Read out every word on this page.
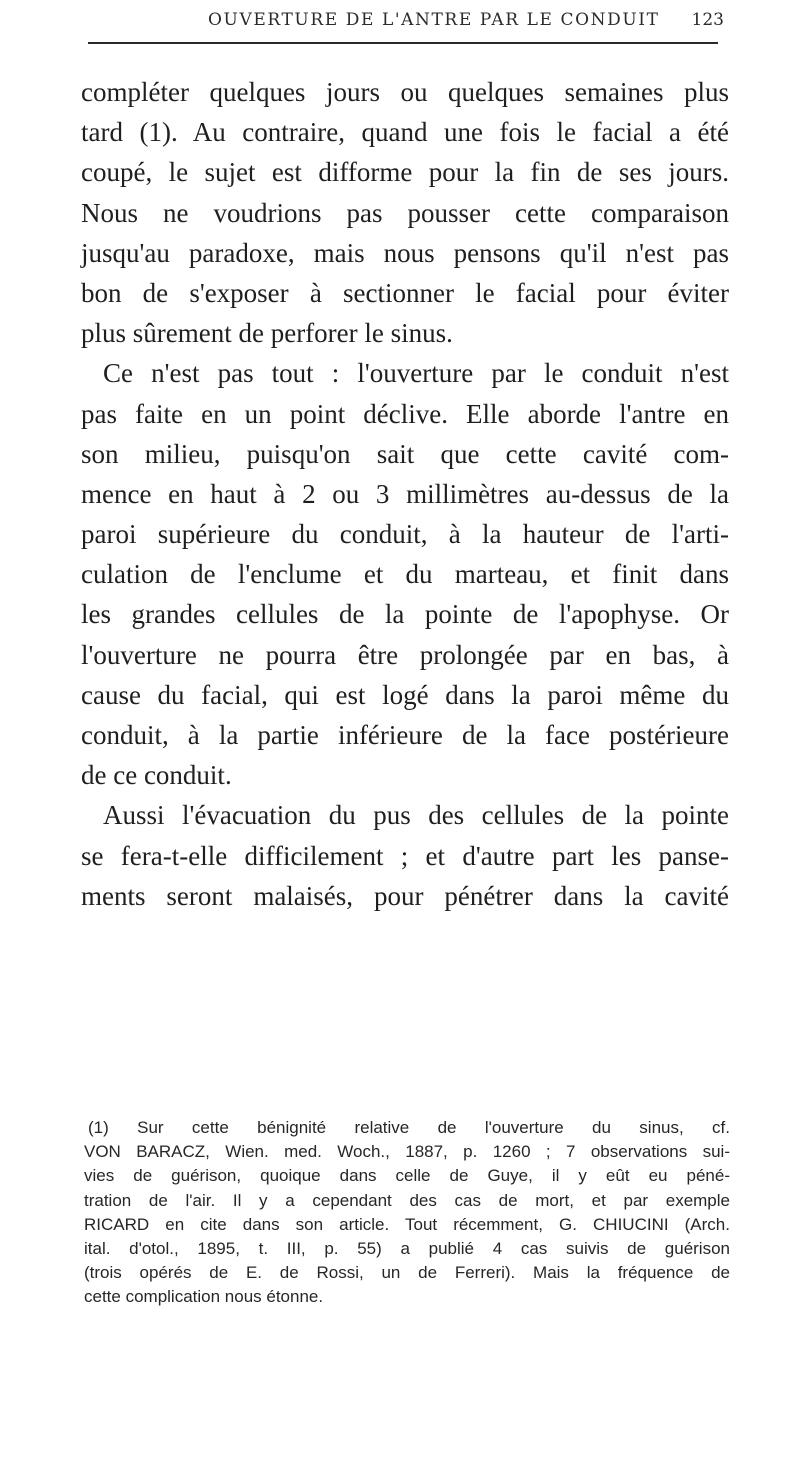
OUVERTURE DE L'ANTRE PAR LE CONDUIT 123
compléter quelques jours ou quelques semaines plus
tard (1). Au contraire, quand une fois le facial a été
coupé, le sujet est difforme pour la fin de ses jours.
Nous ne voudrions pas pousser cette comparaison
jusqu'au paradoxe, mais nous pensons qu'il n'est pas
bon de s'exposer à sectionner le facial pour éviter
plus sûrement de perforer le sinus.
Ce n'est pas tout : l'ouverture par le conduit n'est
pas faite en un point déclive. Elle aborde l'antre en
son milieu, puisqu'on sait que cette cavité com-
mence en haut à 2 ou 3 millimètres au-dessus de la
paroi supérieure du conduit, à la hauteur de l'arti-
culation de l'enclume et du marteau, et finit dans
les grandes cellules de la pointe de l'apophyse. Or
l'ouverture ne pourra être prolongée par en bas, à
cause du facial, qui est logé dans la paroi même du
conduit, à la partie inférieure de la face postérieure
de ce conduit.
Aussi l'évacuation du pus des cellules de la pointe
se fera-t-elle difficilement ; et d'autre part les panse-
ments seront malaisés, pour pénétrer dans la cavité
(1) Sur cette bénignité relative de l'ouverture du sinus, cf.
VON BARACZ, Wien. med. Woch., 1887, p. 1260 ; 7 observations sui-
vies de guérison, quoique dans celle de Guye, il y eût eu péné-
tration de l'air. Il y a cependant des cas de mort, et par exemple
RICARD en cite dans son article. Tout récemment, G. CHIUCINI (Arch.
ital. d'otol., 1895, t. III, p. 55) a publié 4 cas suivis de guérison
(trois opérés de E. de Rossi, un de Ferreri). Mais la fréquence de
cette complication nous étonne.
